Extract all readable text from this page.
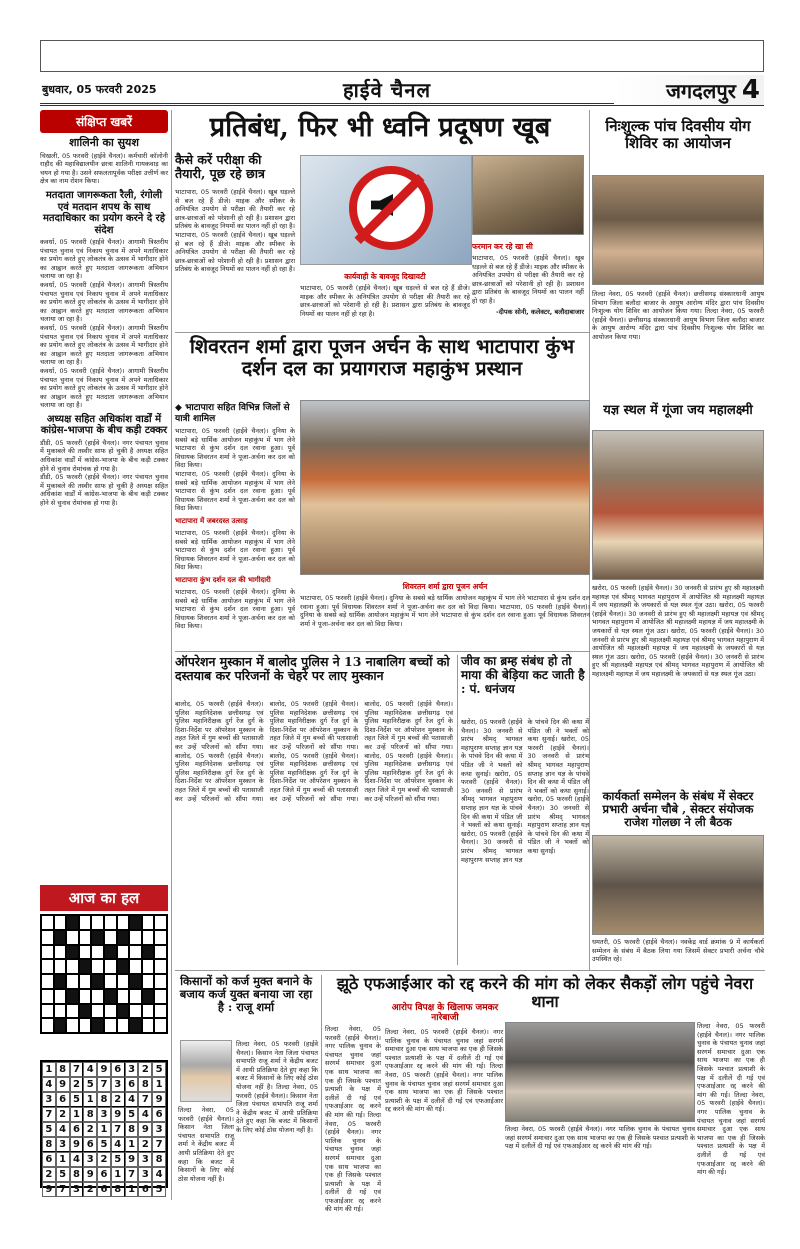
बुधवार, 05 फरवरी 2025	हाईवे चैनल	जगदलपुर 4
संक्षिप्त खबरें
शालिनी का सुयश
चिखली, 05 फरवरी (हाईवे चैनल)। कर्मचारी कॉलोनी राहौद की महाविद्यालयीन छात्रा शालिनी गायकवाड़ का चयन हो गया है। उसने सफलतापूर्वक परीक्षा उत्तीर्ण कर क्षेत्र का नाम रोशन किया।
मतदाता जागरूकता रैली, रंगोली एवं मतदान शपथ के साथ मतदाधिकार का प्रयोग करने दे रहे संदेश
कवर्धा, 05 फरवरी (हाईवे चैनल)। आगामी त्रिस्तरीय पंचायत चुनाव एवं निकाय चुनाव में अपने मताधिकार का प्रयोग करते हुए लोकतंत्र के उत्सव में भागीदार होने का आह्वान करते हुए मतदाता जागरूकता अभियान चलाया जा रहा है।
कवर्धा, 05 फरवरी (हाईवे चैनल)। आगामी त्रिस्तरीय पंचायत चुनाव एवं निकाय चुनाव में अपने मताधिकार का प्रयोग करते हुए लोकतंत्र के उत्सव में भागीदार होने का आह्वान करते हुए मतदाता जागरूकता अभियान चलाया जा रहा है।
कवर्धा, 05 फरवरी (हाईवे चैनल)। आगामी त्रिस्तरीय पंचायत चुनाव एवं निकाय चुनाव में अपने मताधिकार का प्रयोग करते हुए लोकतंत्र के उत्सव में भागीदार होने का आह्वान करते हुए मतदाता जागरूकता अभियान चलाया जा रहा है।
कवर्धा, 05 फरवरी (हाईवे चैनल)। आगामी त्रिस्तरीय पंचायत चुनाव एवं निकाय चुनाव में अपने मताधिकार का प्रयोग करते हुए लोकतंत्र के उत्सव में भागीदार होने का आह्वान करते हुए मतदाता जागरूकता अभियान चलाया जा रहा है।
अध्यक्ष सहित अधिकांश वार्डों में कांग्रेस-भाजपा के बीच कड़ी टक्कर
डौंडी, 05 फरवरी (हाईवे चैनल)। नगर पंचायत चुनाव में मुकाबले की तस्वीर साफ हो चुकी है अध्यक्ष सहित अधिकांश वार्डों में कांग्रेस-भाजपा के बीच कड़ी टक्कर होने से चुनाव रोमांचक हो गया है।
डौंडी, 05 फरवरी (हाईवे चैनल)। नगर पंचायत चुनाव में मुकाबले की तस्वीर साफ हो चुकी है अध्यक्ष सहित अधिकांश वार्डों में कांग्रेस-भाजपा के बीच कड़ी टक्कर होने से चुनाव रोमांचक हो गया है।
आज का हल
1 8 7 4 9 6 3 2 5
4 9 2 5 7 3 6 8 1
3 6 5 1 8 2 4 7 9
7 2 1 8 3 9 5 4 6
5 4 6 2 1 7 8 9 3
8 3 9 6 5 4 1 2 7
6 1 4 3 2 5 9 3 8
2 5 8 9 6 1 7 3 4
9 7 3 2 6 8 1 6 5
प्रतिबंध, फिर भी ध्वनि प्रदूषण खूब
कैसे करें परीक्षा की तैयारी, पूछ रहे छात्र
भाटापारा, 05 फरवरी (हाईवे चैनल)। खूब धड़ल्ले से बज रहे हैं डीजे। माइक और स्पीकर के अनियंत्रित उपयोग से परीक्षा की तैयारी कर रहे छात्र-छात्राओं को परेशानी हो रही है। प्रशासन द्वारा प्रतिबंध के बावजूद नियमों का पालन नहीं हो रहा है। भाटापारा, 05 फरवरी (हाईवे चैनल)। खूब धड़ल्ले से बज रहे हैं डीजे। माइक और स्पीकर के अनियंत्रित उपयोग से परीक्षा की तैयारी कर रहे छात्र-छात्राओं को परेशानी हो रही है। प्रशासन द्वारा प्रतिबंध के बावजूद नियमों का पालन नहीं हो रहा है।
कार्यवाही के बावजूद दिखावटी
भाटापारा, 05 फरवरी (हाईवे चैनल)। खूब धड़ल्ले से बज रहे हैं डीजे। माइक और स्पीकर के अनियंत्रित उपयोग से परीक्षा की तैयारी कर रहे छात्र-छात्राओं को परेशानी हो रही है। प्रशासन द्वारा प्रतिबंध के बावजूद नियमों का पालन नहीं हो रहा है।
फरमान कर रहे खा सी
भाटापारा, 05 फरवरी (हाईवे चैनल)। खूब धड़ल्ले से बज रहे हैं डीजे। माइक और स्पीकर के अनियंत्रित उपयोग से परीक्षा की तैयारी कर रहे छात्र-छात्राओं को परेशानी हो रही है। प्रशासन द्वारा प्रतिबंध के बावजूद नियमों का पालन नहीं हो रहा है।
-दीपक सोनी, कलेक्टर, बलौदाबाजार
निःशुल्क पांच दिवसीय योग शिविर का आयोजन
तिल्दा नेवरा, 05 फरवरी (हाईवे चैनल)। छत्तीसगढ़ संस्कारधानी आयुष विभाग जिला बलौदा बाजार के आयुष आरोग्य मंदिर द्वारा पांच दिवसीय निःशुल्क योग शिविर का आयोजन किया गया। तिल्दा नेवरा, 05 फरवरी (हाईवे चैनल)। छत्तीसगढ़ संस्कारधानी आयुष विभाग जिला बलौदा बाजार के आयुष आरोग्य मंदिर द्वारा पांच दिवसीय निःशुल्क योग शिविर का आयोजन किया गया।
शिवरतन शर्मा द्वारा पूजन अर्चन के साथ भाटापारा कुंभ दर्शन दल का प्रयागराज महाकुंभ प्रस्थान
◆ भाटापारा सहित विभिन्न जिलों से यात्री शामिल
भाटापारा, 05 फरवरी (हाईवे चैनल)। दुनिया के सबसे बड़े धार्मिक आयोजन महाकुंभ में भाग लेने भाटापारा से कुंभ दर्शन दल रवाना हुआ। पूर्व विधायक शिवरतन शर्मा ने पूजा-अर्चना कर दल को विदा किया।
भाटापारा, 05 फरवरी (हाईवे चैनल)। दुनिया के सबसे बड़े धार्मिक आयोजन महाकुंभ में भाग लेने भाटापारा से कुंभ दर्शन दल रवाना हुआ। पूर्व विधायक शिवरतन शर्मा ने पूजा-अर्चना कर दल को विदा किया।
भाटापारा में जबरदस्त उत्साह
भाटापारा, 05 फरवरी (हाईवे चैनल)। दुनिया के सबसे बड़े धार्मिक आयोजन महाकुंभ में भाग लेने भाटापारा से कुंभ दर्शन दल रवाना हुआ। पूर्व विधायक शिवरतन शर्मा ने पूजा-अर्चना कर दल को विदा किया।
भाटापारा कुंभ दर्शन दल की भागीदारी
भाटापारा, 05 फरवरी (हाईवे चैनल)। दुनिया के सबसे बड़े धार्मिक आयोजन महाकुंभ में भाग लेने भाटापारा से कुंभ दर्शन दल रवाना हुआ। पूर्व विधायक शिवरतन शर्मा ने पूजा-अर्चना कर दल को विदा किया।
शिवरतन शर्मा द्वारा पूजन अर्चन
भाटापारा, 05 फरवरी (हाईवे चैनल)। दुनिया के सबसे बड़े धार्मिक आयोजन महाकुंभ में भाग लेने भाटापारा से कुंभ दर्शन दल रवाना हुआ। पूर्व विधायक शिवरतन शर्मा ने पूजा-अर्चना कर दल को विदा किया। भाटापारा, 05 फरवरी (हाईवे चैनल)। दुनिया के सबसे बड़े धार्मिक आयोजन महाकुंभ में भाग लेने भाटापारा से कुंभ दर्शन दल रवाना हुआ। पूर्व विधायक शिवरतन शर्मा ने पूजा-अर्चना कर दल को विदा किया।
यज्ञ स्थल में गूंजा जय महालक्ष्मी
खरोरा, 05 फरवरी (हाईवे चैनल)। 30 जनवरी से प्रारंभ हुए श्री महालक्ष्मी महायज्ञ एवं श्रीमद् भागवत महापुराण में आयोजित श्री महालक्ष्मी महायज्ञ में जय महालक्ष्मी के जयकारों से यज्ञ स्थल गूंज उठा। खरोरा, 05 फरवरी (हाईवे चैनल)। 30 जनवरी से प्रारंभ हुए श्री महालक्ष्मी महायज्ञ एवं श्रीमद् भागवत महापुराण में आयोजित श्री महालक्ष्मी महायज्ञ में जय महालक्ष्मी के जयकारों से यज्ञ स्थल गूंज उठा। खरोरा, 05 फरवरी (हाईवे चैनल)। 30 जनवरी से प्रारंभ हुए श्री महालक्ष्मी महायज्ञ एवं श्रीमद् भागवत महापुराण में आयोजित श्री महालक्ष्मी महायज्ञ में जय महालक्ष्मी के जयकारों से यज्ञ स्थल गूंज उठा। खरोरा, 05 फरवरी (हाईवे चैनल)। 30 जनवरी से प्रारंभ हुए श्री महालक्ष्मी महायज्ञ एवं श्रीमद् भागवत महापुराण में आयोजित श्री महालक्ष्मी महायज्ञ में जय महालक्ष्मी के जयकारों से यज्ञ स्थल गूंज उठा।
ऑपरेशन मुस्कान में बालोद पुलिस ने 13 नाबालिग बच्चों को दस्तयाब कर परिजनों के चेहरे पर लाए मुस्कान
बालोद, 05 फरवरी (हाईवे चैनल)। पुलिस महानिदेशक छत्तीसगढ़ एवं पुलिस महानिरीक्षक दुर्ग रेंज दुर्ग के दिशा-निर्देश पर ऑपरेशन मुस्कान के तहत जिले में गुम बच्चों की पतासाजी कर उन्हें परिजनों को सौंपा गया। बालोद, 05 फरवरी (हाईवे चैनल)। पुलिस महानिदेशक छत्तीसगढ़ एवं पुलिस महानिरीक्षक दुर्ग रेंज दुर्ग के दिशा-निर्देश पर ऑपरेशन मुस्कान के तहत जिले में गुम बच्चों की पतासाजी कर उन्हें परिजनों को सौंपा गया। बालोद, 05 फरवरी (हाईवे चैनल)। पुलिस महानिदेशक छत्तीसगढ़ एवं पुलिस महानिरीक्षक दुर्ग रेंज दुर्ग के दिशा-निर्देश पर ऑपरेशन मुस्कान के तहत जिले में गुम बच्चों की पतासाजी कर उन्हें परिजनों को सौंपा गया। बालोद, 05 फरवरी (हाईवे चैनल)। पुलिस महानिदेशक छत्तीसगढ़ एवं पुलिस महानिरीक्षक दुर्ग रेंज दुर्ग के दिशा-निर्देश पर ऑपरेशन मुस्कान के तहत जिले में गुम बच्चों की पतासाजी कर उन्हें परिजनों को सौंपा गया। बालोद, 05 फरवरी (हाईवे चैनल)। पुलिस महानिदेशक छत्तीसगढ़ एवं पुलिस महानिरीक्षक दुर्ग रेंज दुर्ग के दिशा-निर्देश पर ऑपरेशन मुस्कान के तहत जिले में गुम बच्चों की पतासाजी कर उन्हें परिजनों को सौंपा गया। बालोद, 05 फरवरी (हाईवे चैनल)। पुलिस महानिदेशक छत्तीसगढ़ एवं पुलिस महानिरीक्षक दुर्ग रेंज दुर्ग के दिशा-निर्देश पर ऑपरेशन मुस्कान के तहत जिले में गुम बच्चों की पतासाजी कर उन्हें परिजनों को सौंपा गया।
जीव का ब्रम्ह संबंध हो तो माया की बेड़िया कट जाती है : पं. धनंजय
खरोरा, 05 फरवरी (हाईवे चैनल)। 30 जनवरी से प्रारंभ श्रीमद् भागवत महापुराण सप्ताह ज्ञान यज्ञ के पांचवे दिन की कथा में पंडित जी ने भक्तों को कथा सुनाई। खरोरा, 05 फरवरी (हाईवे चैनल)। 30 जनवरी से प्रारंभ श्रीमद् भागवत महापुराण सप्ताह ज्ञान यज्ञ के पांचवे दिन की कथा में पंडित जी ने भक्तों को कथा सुनाई। खरोरा, 05 फरवरी (हाईवे चैनल)। 30 जनवरी से प्रारंभ श्रीमद् भागवत महापुराण सप्ताह ज्ञान यज्ञ के पांचवे दिन की कथा में पंडित जी ने भक्तों को कथा सुनाई। खरोरा, 05 फरवरी (हाईवे चैनल)। 30 जनवरी से प्रारंभ श्रीमद् भागवत महापुराण सप्ताह ज्ञान यज्ञ के पांचवे दिन की कथा में पंडित जी ने भक्तों को कथा सुनाई। खरोरा, 05 फरवरी (हाईवे चैनल)। 30 जनवरी से प्रारंभ श्रीमद् भागवत महापुराण सप्ताह ज्ञान यज्ञ के पांचवे दिन की कथा में पंडित जी ने भक्तों को कथा सुनाई।
कार्यकर्ता सम्मेलन के संबंध में सेक्टर प्रभारी अर्चना चौबे , सेक्टर संयोजक राजेश गोलछा ने ली बैठक
धमतरी, 05 फरवरी (हाईवे चैनल)। नवकेंद्र वार्ड क्रमांक 9 में कार्यकर्ता सम्मेलन के संबंध में बैठक लिया गया जिसमें सेक्टर प्रभारी अर्चना चौबे उपस्थित रहे।
किसानों को कर्ज मुक्त बनाने के बजाय कर्ज युक्त बनाया जा रहा है : राजू शर्मा
तिल्दा नेवरा, 05 फरवरी (हाईवे चैनल)। किसान नेता जिला पंचायत सभापति राजू शर्मा ने केंद्रीय बजट में आयी प्रतिक्रिया देते हुए कहा कि बजट में किसानों के लिए कोई ठोस योजना नहीं है। तिल्दा नेवरा, 05 फरवरी (हाईवे चैनल)। किसान नेता जिला पंचायत सभापति राजू शर्मा ने केंद्रीय बजट में आयी प्रतिक्रिया देते हुए कहा कि बजट में किसानों के लिए कोई ठोस योजना नहीं है।
तिल्दा नेवरा, 05 फरवरी (हाईवे चैनल)। किसान नेता जिला पंचायत सभापति राजू शर्मा ने केंद्रीय बजट में आयी प्रतिक्रिया देते हुए कहा कि बजट में किसानों के लिए कोई ठोस योजना नहीं है।
झूठे एफआईआर को रद्द करने की मांग को लेकर सैकड़ों लोग पहुंचे नेवरा थाना
आरोप विपक्ष के खिलाफ जमकर नारेबाजी
तिल्दा नेवरा, 05 फरवरी (हाईवे चैनल)। नगर पालिक चुनाव के पंचायत चुनाव जहां सरगर्म समाचार दुआ एक साथ भाजपा का एक ही जिसके पश्चात प्रत्याशी के पक्ष में दलीलें दी गई एवं एफआईआर रद्द करने की मांग की गई। तिल्दा नेवरा, 05 फरवरी (हाईवे चैनल)। नगर पालिक चुनाव के पंचायत चुनाव जहां सरगर्म समाचार दुआ एक साथ भाजपा का एक ही जिसके पश्चात प्रत्याशी के पक्ष में दलीलें दी गई एवं एफआईआर रद्द करने की मांग की गई।
तिल्दा नेवरा, 05 फरवरी (हाईवे चैनल)। नगर पालिक चुनाव के पंचायत चुनाव जहां सरगर्म समाचार दुआ एक साथ भाजपा का एक ही जिसके पश्चात प्रत्याशी के पक्ष में दलीलें दी गई एवं एफआईआर रद्द करने की मांग की गई। तिल्दा नेवरा, 05 फरवरी (हाईवे चैनल)। नगर पालिक चुनाव के पंचायत चुनाव जहां सरगर्म समाचार दुआ एक साथ भाजपा का एक ही जिसके पश्चात प्रत्याशी के पक्ष में दलीलें दी गई एवं एफआईआर रद्द करने की मांग की गई।
तिल्दा नेवरा, 05 फरवरी (हाईवे चैनल)। नगर पालिक चुनाव के पंचायत चुनाव जहां सरगर्म समाचार दुआ एक साथ भाजपा का एक ही जिसके पश्चात प्रत्याशी के पक्ष में दलीलें दी गई एवं एफआईआर रद्द करने की मांग की गई। तिल्दा नेवरा, 05 फरवरी (हाईवे चैनल)। नगर पालिक चुनाव के पंचायत चुनाव जहां सरगर्म समाचार दुआ एक साथ भाजपा का एक ही जिसके पश्चात प्रत्याशी के पक्ष में दलीलें दी गई एवं एफआईआर रद्द करने की मांग की गई।
तिल्दा नेवरा, 05 फरवरी (हाईवे चैनल)। नगर पालिक चुनाव के पंचायत चुनाव जहां सरगर्म समाचार दुआ एक साथ भाजपा का एक ही जिसके पश्चात प्रत्याशी के पक्ष में दलीलें दी गई एवं एफआईआर रद्द करने की मांग की गई।
